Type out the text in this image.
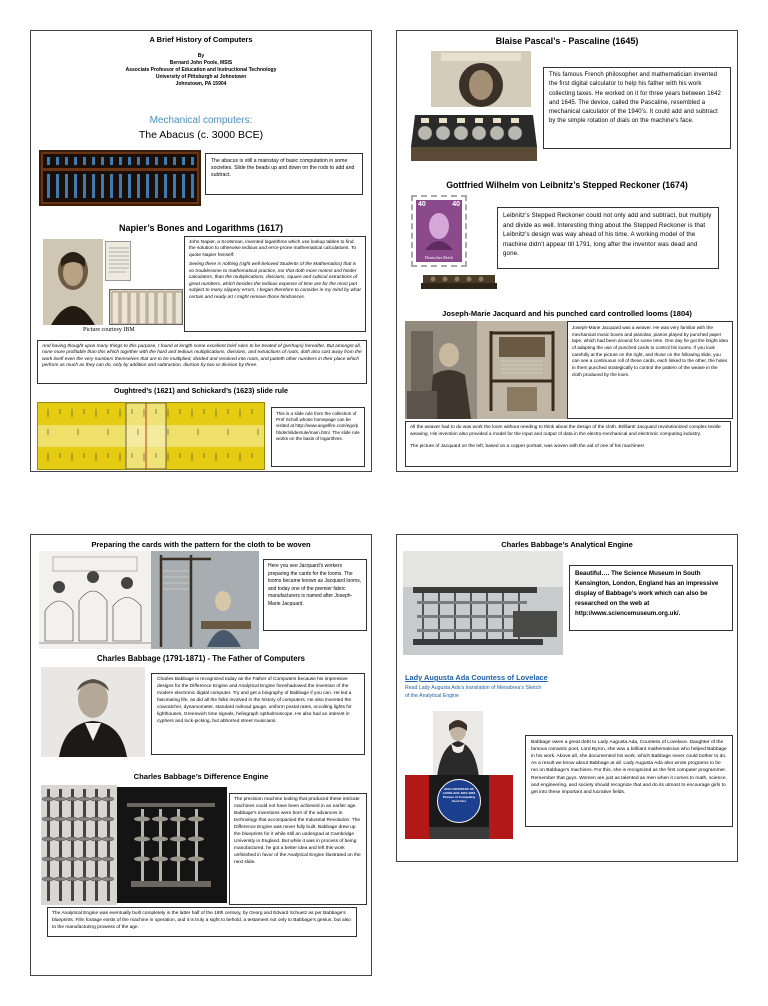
A Brief History of Computers
By
Bernard John Poole, MSIS
Associate Professor of Education and Instructional Technology
University of Pittsburgh at Johnstown
Johnstown, PA 15904
Mechanical computers:
The Abacus (c. 3000 BCE)
The abacus is still a mainstay of basic computation in some societies. Slide the beads up and down on the rods to add and subtract.
Napier’s Bones and Logarithms (1617)
Picture courtesy IBM

John Napier, a Scotsman, invented logarithms which use lookup tables to find the solution to otherwise tedious and error-prone mathematical calculations. To quote Napier himself:

Seeing there is nothing (right well-beloved Students of the Mathematics) that is so troublesome to mathematical practice, nor that doth more molest and hinder calculators, than the multiplications, divisions, square and cubical extractions of great numbers, which besides the tedious expense of time are for the most part subject to many slippery errors, I began therefore to consider in my mind by what certain and ready art I might remove those hindrances.

And having thought upon many things to this purpose, I found at length some excellent brief rules to be treated of (perhaps) hereafter. But amongst all, none more profitable than this which together with the hard and tedious multiplications, divisions, and extractions of roots, doth also cast away from the work itself even the very numbers themselves that are to be multiplied, divided and resolved into roots, and putteth other numbers in their place which perform as much as they can do, only by addition and subtraction, division by two or division by three.
Oughtred’s (1621) and Schickard’s (1623) slide rule
This is a slide rule from the collection of Prof Scholl whose homepage can be visited at http://www.angelfire.com/ego/p hbder/slidesrule/main.html. The slide rule works on the basis of logarithms.
Blaise Pascal’s - Pascaline (1645)
This famous French philosopher and mathematician invented the first digital calculator to help his father with his work collecting taxes. He worked on it for three years between 1642 and 1645. The device, called the Pascaline, resembled a mechanical calculator of the 1940’s. It could add and subtract by the simple rotation of dials on the machine’s face.
Gottfried Wilhelm von Leibnitz’s Stepped Reckoner (1674)
40	40
Deutsches Reich
Leibnitz’s Stepped Reckoner could not only add and subtract, but multiply and divide as well. Interesting thing about the Stepped Reckoner is that Leibnitz’s design was way ahead of his time. A working model of the machine didn’t appear till 1791, long after the inventor was dead and gone.
Joseph-Marie Jacquard and his punched card controlled looms (1804)
Joseph-Marie Jacquard was a weaver. He was very familiar with the mechanical music boxes and pianolas, pianos played by punched paper tape, which had been around for some time. One day he got the bright idea of adapting the use of punched cards to control his looms. If you look carefully at the picture on the right, and those on the following slide, you can see a continuous roll of these cards, each linked to the other, the holes in them punched strategically to control the pattern of the weave in the cloth produced by the loom.

All the weaver had to do was work the loom without needing to think about the design of the cloth. Brilliant! Jacquard revolutionized complex textile weaving. His invention also provided a model for the input and output of data in the electro-mechanical and electronic computing industry.

The picture of Jacquard on the left, based on a copper portrait, was woven with the aid of one of his machines!

Preparing the cards with the pattern for the cloth to be woven
Here you see Jacquard’s workers preparing the cards for the looms. The looms became known as Jacquard looms, and today one of the premier fabric manufacturers is named after Joseph-Marie Jacquard.
Charles Babbage (1791-1871) - The Father of Computers
Charles Babbage is recognized today as the Father of Computers because his impressive designs for the Difference Engine and Analytical Engine foreshadowed the invention of the modern electronic digital computer. Try and get a biography of Babbage if you can. He led a fascinating life, as did all the folks involved in the history of computers. He also invented the cowcatcher, dynamometer, standard railroad gauge, uniform postal rates, occulting lights for lighthouses, Greenwich time signals, heliograph opthalmoscope. He also had an interest in cyphers and lock-picking, but abhorred street musicians.
Charles Babbage’s Difference Engine
The precision machine tooling that produced these intricate machines could not have been achieved in an earlier age. Babbage’s inventions were born of the advances in technology that accompanied the Industrial Revolution. The Difference Engine was never fully built. Babbage drew up the blueprints for it while still an undergrad at Cambridge University in England. But while it was in process of being manufactured, he got a better idea and left this work unfinished in favor of the Analytical Engine illustrated on the next slide.
The Analytical Engine was eventually built completely in the latter half of the 19th century, by Georg and Edvard Schuetz as per Babbage’s blueprints. Film footage exists of the machine in operation, and it is truly a sight to behold, a testament not only to Babbage’s genius, but also to the manufacturing prowess of the age.
Charles Babbage’s Analytical Engine
Beautiful…. The Science Museum in South Kensington, London, England has an impressive display of Babbage’s work which can also be researched on the web at http://www.sciencemuseum.org.uk/.
Lady Augusta Ada Countess of Lovelace
Read Lady Augusta Ada’s translation of Menabrea’s Sketch of the Analytical Engine
ADA COUNTESS OF LOVELACE 1815-1852 Pioneer of Computing lived here
Babbage owes a great debt to Lady Augusta Ada, Countess of Lovelace. Daughter of the famous romantic poet, Lord Byron, she was a brilliant mathematician who helped Babbage in his work. Above all, she documented his work, which Babbage never could bother to do. As a result we know about Babbage at all. Lady Augusta Ada also wrote programs to be run on Babbage’s machines. For this, she is recognized as the first computer programmer. Remember that guys. Women are just as talented as men when it comes to math, science, and engineering, and society should recognize that and do its utmost to encourage girls to get into these important and lucrative fields.
